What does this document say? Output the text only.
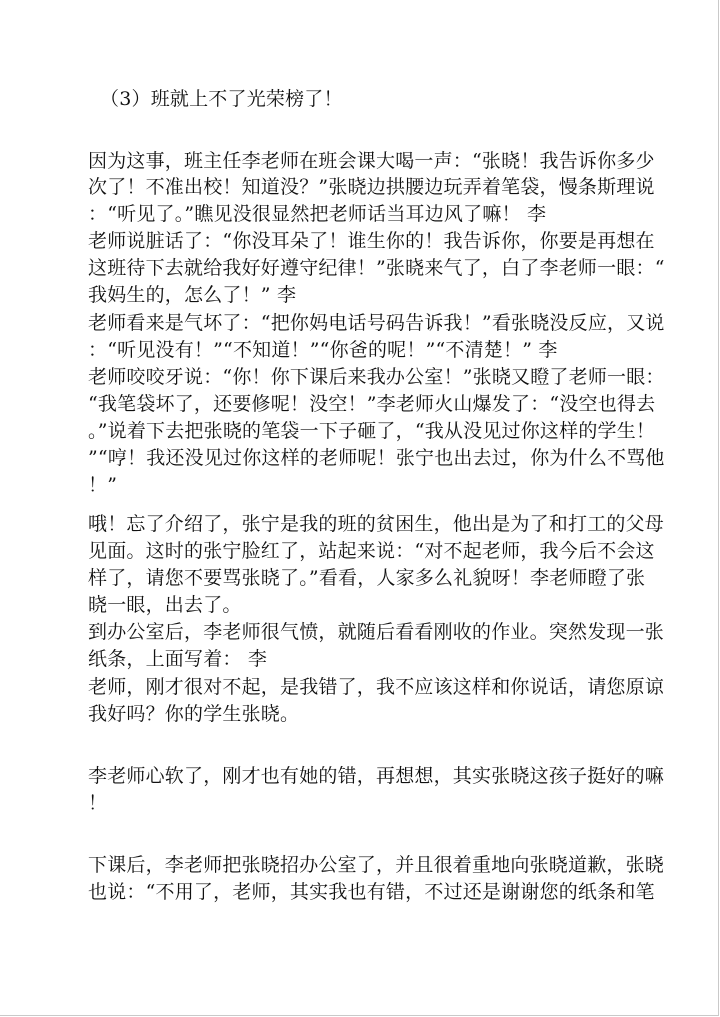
（3）班就上不了光荣榜了！
因为这事，班主任李老师在班会课大喝一声：“张晓！我告诉你多少
次了！不准出校！知道没？”张晓边拱腰边玩弄着笔袋，慢条斯理说
：“听见了。”瞧见没很显然把老师话当耳边风了嘛！ 李
老师说脏话了：“你没耳朵了！谁生你的！我告诉你，你要是再想在
这班待下去就给我好好遵守纪律！”张晓来气了，白了李老师一眼：“
我妈生的，怎么了！” 李
老师看来是气坏了：“把你妈电话号码告诉我！”看张晓没反应，又说
：“听见没有！”“不知道！”“你爸的呢！”“不清楚！” 李
老师咬咬牙说：“你！你下课后来我办公室！”张晓又瞪了老师一眼：
“我笔袋坏了，还要修呢！没空！”李老师火山爆发了：“没空也得去
。”说着下去把张晓的笔袋一下子砸了，“我从没见过你这样的学生！
”“哼！我还没见过你这样的老师呢！张宁也出去过，你为什么不骂他
！”
哦！忘了介绍了，张宁是我的班的贫困生，他出是为了和打工的父母
见面。这时的张宁脸红了，站起来说：“对不起老师，我今后不会这
样了，请您不要骂张晓了。”看看，人家多么礼貌呀！李老师瞪了张
晓一眼，出去了。
到办公室后，李老师很气愤，就随后看看刚收的作业。突然发现一张
纸条，上面写着： 李
老师，刚才很对不起，是我错了，我不应该这样和你说话，请您原谅
我好吗？你的学生张晓。
李老师心软了，刚才也有她的错，再想想，其实张晓这孩子挺好的嘛
！
下课后，李老师把张晓招办公室了，并且很着重地向张晓道歉，张晓
也说：“不用了，老师，其实我也有错，不过还是谢谢您的纸条和笔
